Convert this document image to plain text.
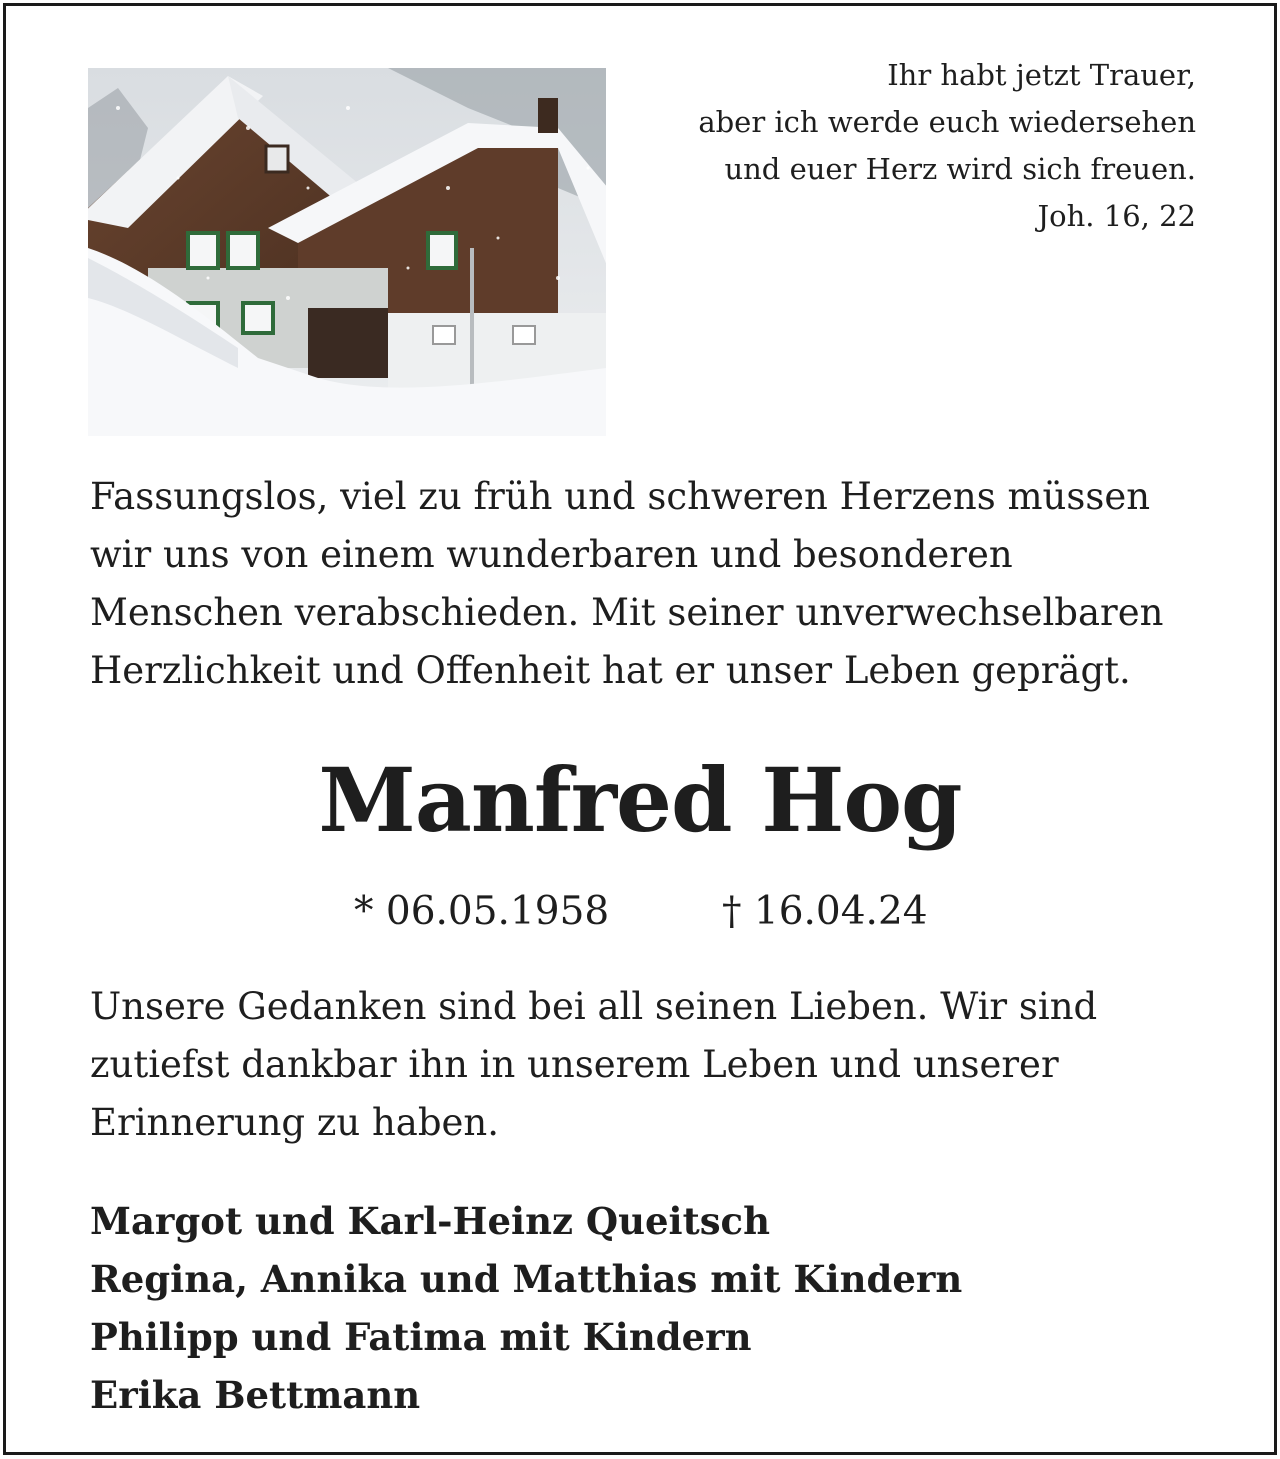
Ihr habt jetzt Trauer,
aber ich werde euch wiedersehen
und euer Herz wird sich freuen.
Joh. 16, 22
Fassungslos, viel zu früh und schweren Herzens müssen
wir uns von einem wunderbaren und besonderen
Menschen verabschieden. Mit seiner unverwechselbaren
Herzlichkeit und Offenheit hat er unser Leben geprägt.
Manfred Hog
* 06.05.1958	† 16.04.24
Unsere Gedanken sind bei all seinen Lieben. Wir sind
zutiefst dankbar ihn in unserem Leben und unserer
Erinnerung zu haben.
Margot und Karl-Heinz Queitsch
Regina, Annika und Matthias mit Kindern
Philipp und Fatima mit Kindern
Erika Bettmann
